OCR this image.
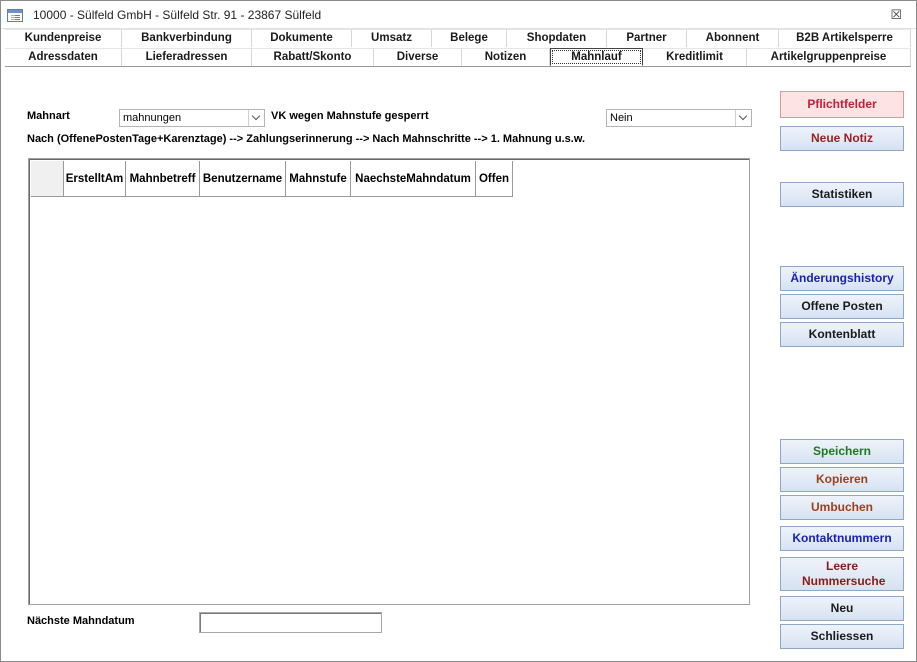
10000 - Sülfeld GmbH - Sülfeld Str. 91 - 23867 Sülfeld	☒
Kundenpreise	Bankverbindung	Dokumente	Umsatz	Belege	Shopdaten	Partner	Abonnent	B2B Artikelsperre
Adressdaten	Lieferadressen	Rabatt/Skonto	Diverse	Notizen	Mahnlauf	Kreditlimit	Artikelgruppenpreise
Mahnart	mahnungen	VK wegen Mahnstufe gesperrt	Nein
Nach (OffenePostenTage+Karenztage) --> Zahlungserinnerung --> Nach Mahnschritte --> 1. Mahnung u.s.w.
ErstelltAm Mahnbetreff Benutzername Mahnstufe NaechsteMahndatum Offen
Nächste Mahndatum
Pflichtfelder
Neue Notiz
Statistiken
Änderungshistory
Offene Posten
Kontenblatt
Speichern
Kopieren
Umbuchen
Kontaktnummern
Leere Nummersuche
Neu
Schliessen
